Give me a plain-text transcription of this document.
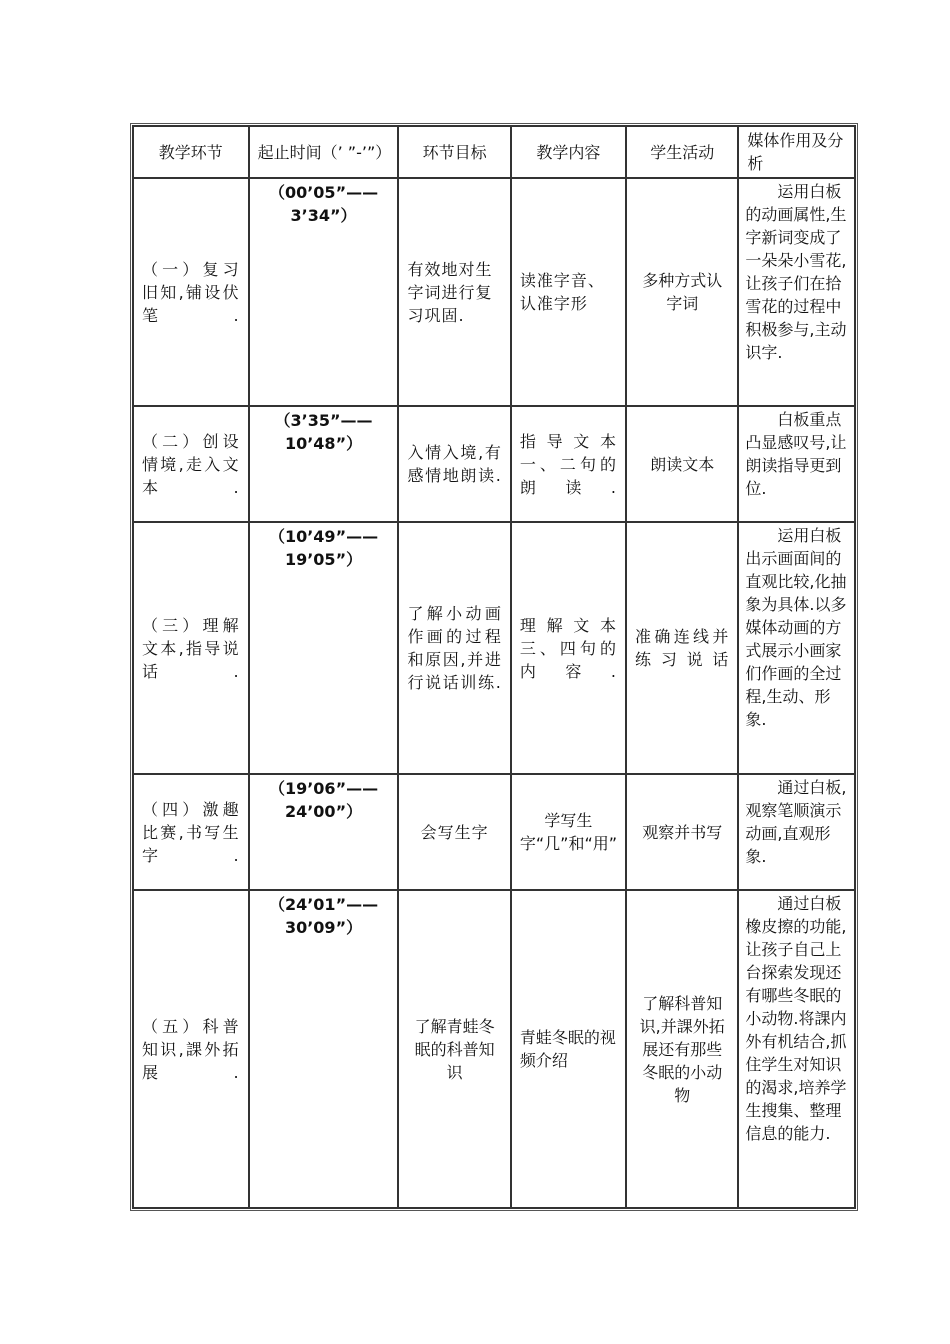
教学环节	起止时间（’ ”-’”）	环节目标	教学内容	学生活动	媒体作用及分析
（一）复习旧知,铺设伏笔.	（00’05”——3’34”）	有效地对生字词进行复习巩固.	读准字音、认准字形	多种方式认字词	运用白板的动画属性,生字新词变成了一朵朵小雪花,让孩子们在拾雪花的过程中积极参与,主动识字.
（二）创设情境,走入文本.	（3’35”——10’48”）	入情入境,有感情地朗读.	指导文本一、二句的朗读.	朗读文本	白板重点凸显感叹号,让朗读指导更到位.
（三）理解文本,指导说话.	（10’49”——19’05”）	了解小动画作画的过程和原因,并进行说话训练.	理解文本三、四句的内容.	准确连线并练习说话	运用白板出示画面间的直观比较,化抽象为具体.以多媒体动画的方式展示小画家们作画的全过程,生动、形象.
（四）激趣比赛,书写生字.	（19’06”——24’00”）	会写生字	学写生字“几”和“用”	观察并书写	通过白板,观察笔顺演示动画,直观形象.
（五）科普知识,課外拓展.	（24’01”——30’09”）	了解青蛙冬眠的科普知识	青蛙冬眠的视频介绍	了解科普知识,并課外拓展还有那些冬眠的小动物	通过白板橡皮擦的功能,让孩子自己上台探索发现还有哪些冬眠的小动物.将課内外有机结合,抓住学生对知识的渴求,培养学生搜集、整理信息的能力.
